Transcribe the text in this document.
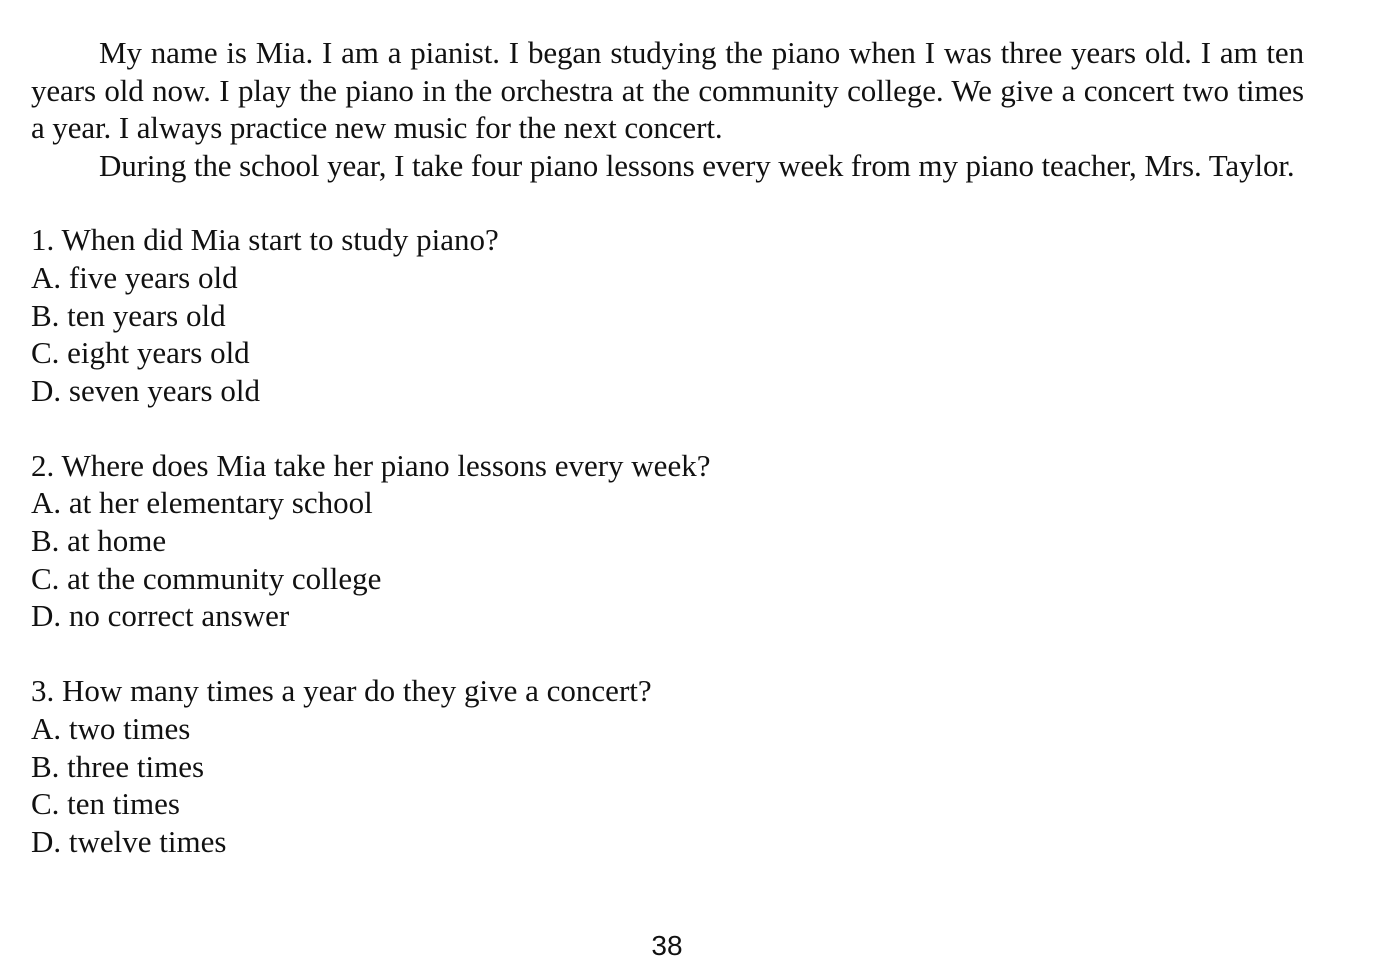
My name is Mia. I am a pianist. I began studying the piano when I was three years old. I am ten years old now. I play the piano in the orchestra at the community college. We give a concert two times a year. I always practice new music for the next concert.

During the school year, I take four piano lessons every week from my piano teacher, Mrs. Taylor.

1. When did Mia start to study piano?

A. five years old

B. ten years old

C. eight years old

D. seven years old

2. Where does Mia take her piano lessons every week?

A. at her elementary school

B. at home

C. at the community college

D. no correct answer

3. How many times a year do they give a concert?

A. two times

B. three times

C. ten times

D. twelve times

38
